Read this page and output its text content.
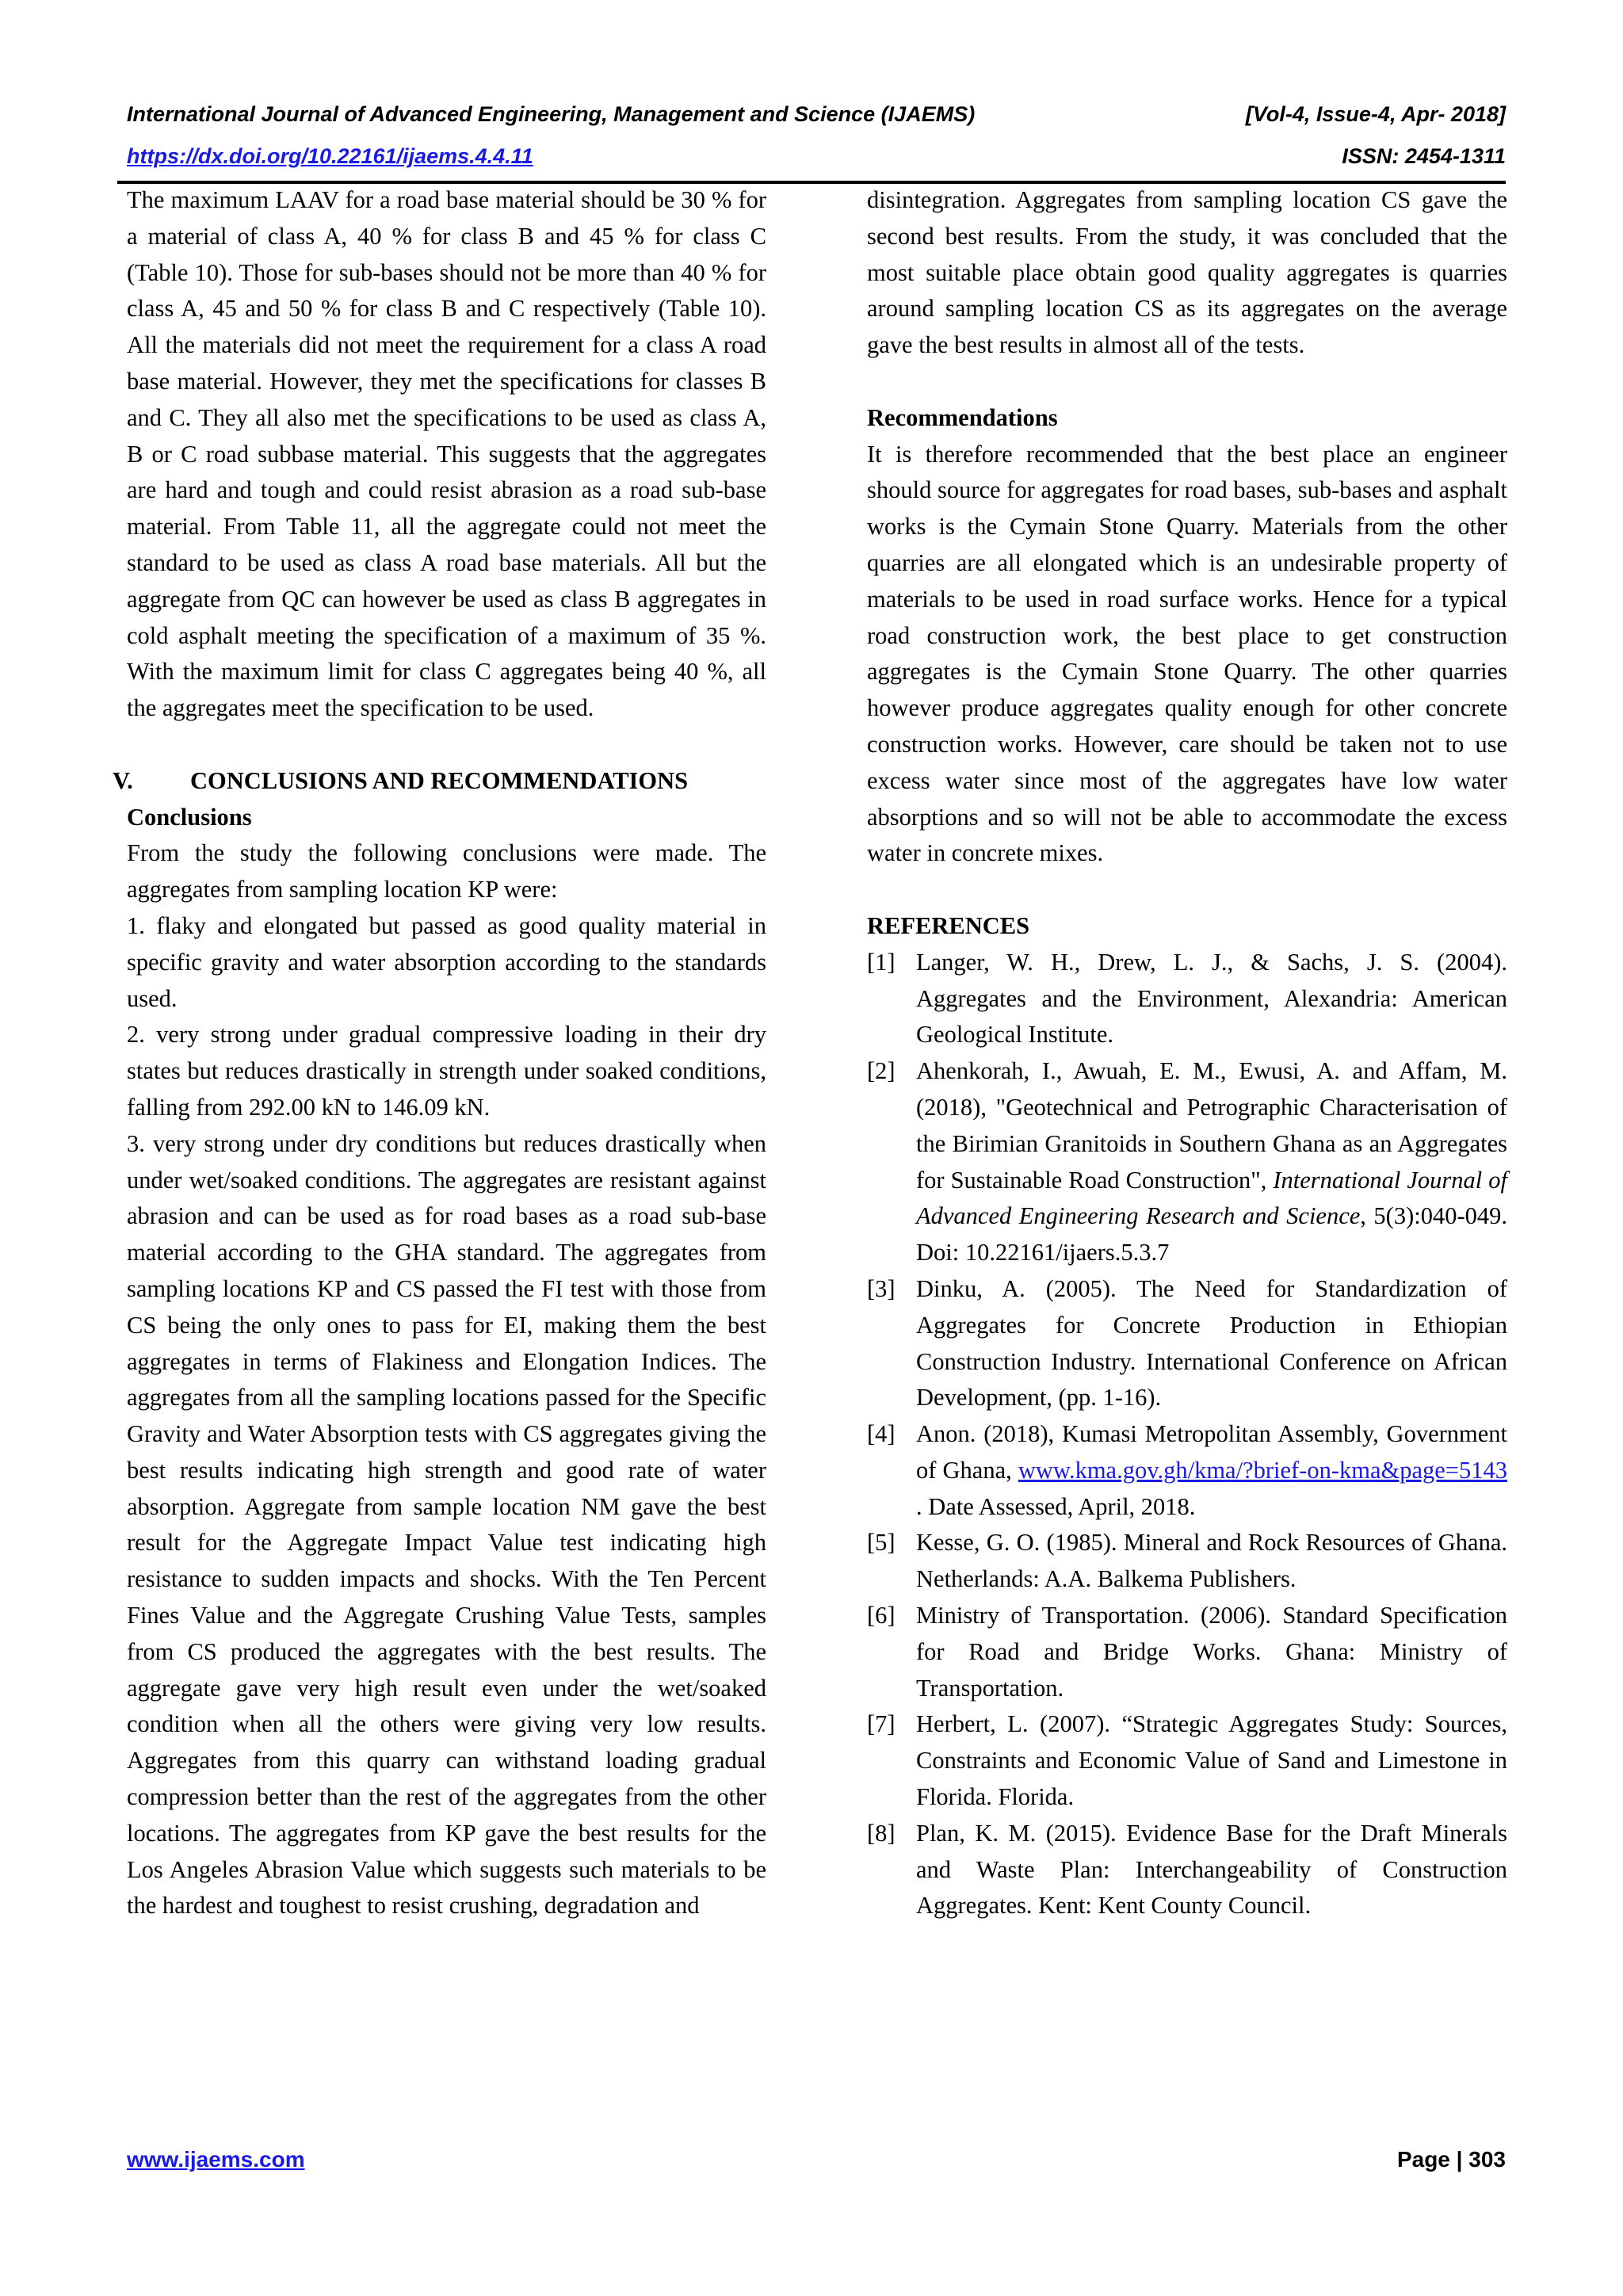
International Journal of Advanced Engineering, Management and Science (IJAEMS)	[Vol-4, Issue-4, Apr- 2018]
https://dx.doi.org/10.22161/ijaems.4.4.11	ISSN: 2454-1311

The maximum LAAV for a road base material should be 30 % for a material of class A, 40 % for class B and 45 % for class C (Table 10). Those for sub-bases should not be more than 40 % for class A, 45 and 50 % for class B and C respectively (Table 10). All the materials did not meet the requirement for a class A road base material. However, they met the specifications for classes B and C. They all also met the specifications to be used as class A, B or C road subbase material. This suggests that the aggregates are hard and tough and could resist abrasion as a road sub-base material. From Table 11, all the aggregate could not meet the standard to be used as class A road base materials. All but the aggregate from QC can however be used as class B aggregates in cold asphalt meeting the specification of a maximum of 35 %. With the maximum limit for class C aggregates being 40 %, all the aggregates meet the specification to be used.

V. CONCLUSIONS AND RECOMMENDATIONS

Conclusions

From the study the following conclusions were made. The aggregates from sampling location KP were:

1. flaky and elongated but passed as good quality material in specific gravity and water absorption according to the standards used.

2. very strong under gradual compressive loading in their dry states but reduces drastically in strength under soaked conditions, falling from 292.00 kN to 146.09 kN.

3. very strong under dry conditions but reduces drastically when under wet/soaked conditions. The aggregates are resistant against abrasion and can be used as for road bases as a road sub-base material according to the GHA standard. The aggregates from sampling locations KP and CS passed the FI test with those from CS being the only ones to pass for EI, making them the best aggregates in terms of Flakiness and Elongation Indices. The aggregates from all the sampling locations passed for the Specific Gravity and Water Absorption tests with CS aggregates giving the best results indicating high strength and good rate of water absorption. Aggregate from sample location NM gave the best result for the Aggregate Impact Value test indicating high resistance to sudden impacts and shocks. With the Ten Percent Fines Value and the Aggregate Crushing Value Tests, samples from CS produced the aggregates with the best results. The aggregate gave very high result even under the wet/soaked condition when all the others were giving very low results. Aggregates from this quarry can withstand loading gradual compression better than the rest of the aggregates from the other locations. The aggregates from KP gave the best results for the Los Angeles Abrasion Value which suggests such materials to be the hardest and toughest to resist crushing, degradation and

disintegration. Aggregates from sampling location CS gave the second best results. From the study, it was concluded that the most suitable place obtain good quality aggregates is quarries around sampling location CS as its aggregates on the average gave the best results in almost all of the tests.

Recommendations

It is therefore recommended that the best place an engineer should source for aggregates for road bases, sub-bases and asphalt works is the Cymain Stone Quarry. Materials from the other quarries are all elongated which is an undesirable property of materials to be used in road surface works. Hence for a typical road construction work, the best place to get construction aggregates is the Cymain Stone Quarry. The other quarries however produce aggregates quality enough for other concrete construction works. However, care should be taken not to use excess water since most of the aggregates have low water absorptions and so will not be able to accommodate the excess water in concrete mixes.

REFERENCES

[1] Langer, W. H., Drew, L. J., & Sachs, J. S. (2004). Aggregates and the Environment, Alexandria: American Geological Institute.
[2] Ahenkorah, I., Awuah, E. M., Ewusi, A. and Affam, M. (2018), "Geotechnical and Petrographic Characterisation of the Birimian Granitoids in Southern Ghana as an Aggregates for Sustainable Road Construction", International Journal of Advanced Engineering Research and Science, 5(3):040-049. Doi: 10.22161/ijaers.5.3.7
[3] Dinku, A. (2005). The Need for Standardization of Aggregates for Concrete Production in Ethiopian Construction Industry. International Conference on African Development, (pp. 1-16).
[4] Anon. (2018), Kumasi Metropolitan Assembly, Government of Ghana, www.kma.gov.gh/kma/?brief-on-kma&page=5143 . Date Assessed, April, 2018.
[5] Kesse, G. O. (1985). Mineral and Rock Resources of Ghana. Netherlands: A.A. Balkema Publishers.
[6] Ministry of Transportation. (2006). Standard Specification for Road and Bridge Works. Ghana: Ministry of Transportation.
[7] Herbert, L. (2007). “Strategic Aggregates Study: Sources, Constraints and Economic Value of Sand and Limestone in Florida. Florida.
[8] Plan, K. M. (2015). Evidence Base for the Draft Minerals and Waste Plan: Interchangeability of Construction Aggregates. Kent: Kent County Council.
www.ijaems.com	Page | 303
